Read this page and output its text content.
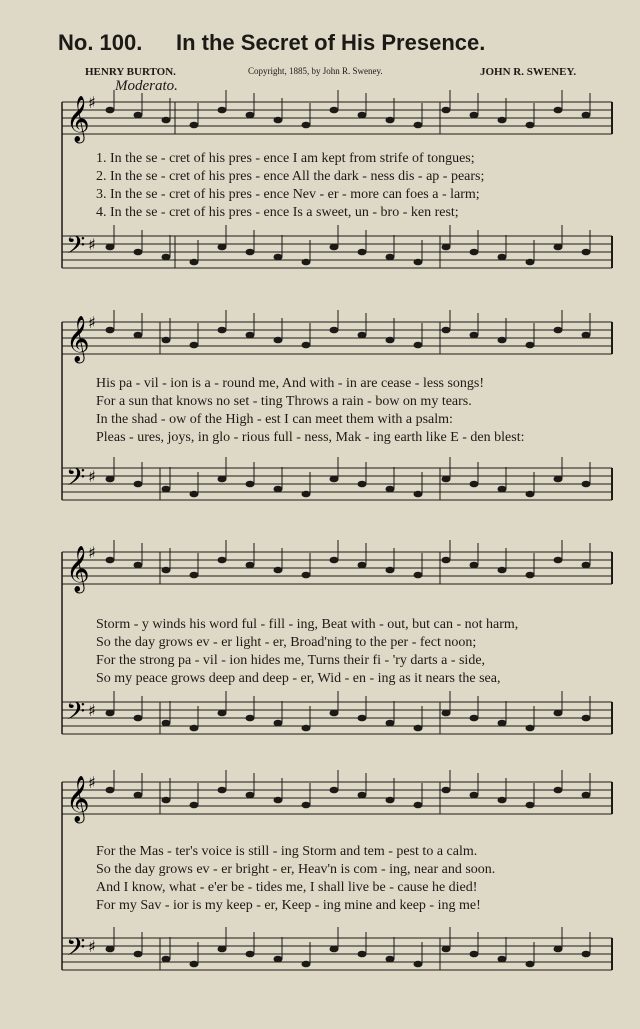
No. 100. In the Secret of His Presence.
HENRY BURTON.	Copyright, 1885, by John R. Sweney.	JOHN R. SWENEY.
Moderato.
𝄞
♯
𝄢 ♯
1. In the se - cret of his pres - ence I am kept from strife of tongues;
2. In the se - cret of his pres - ence All the dark - ness dis - ap - pears;
3. In the se - cret of his pres - ence Nev - er - more can foes a - larm;
4. In the se - cret of his pres - ence Is a sweet, un - bro - ken rest;
𝄞
♯
𝄢 ♯
His pa - vil - ion is a - round me, And with - in are cease - less songs!
For a sun that knows no set - ting Throws a rain - bow on my tears.
In the shad - ow of the High - est I can meet them with a psalm:
Pleas - ures, joys, in glo - rious full - ness, Mak - ing earth like E - den blest:
𝄞
♯
𝄢 ♯
Storm - y winds his word ful - fill - ing, Beat with - out, but can - not harm,
So the day grows ev - er light - er, Broad'ning to the per - fect noon;
For the strong pa - vil - ion hides me, Turns their fi - 'ry darts a - side,
So my peace grows deep and deep - er, Wid - en - ing as it nears the sea,
𝄞
♯
𝄢 ♯
For the Mas - ter's voice is still - ing Storm and tem - pest to a calm.
So the day grows ev - er bright - er, Heav'n is com - ing, near and soon.
And I know, what - e'er be - tides me, I shall live be - cause he died!
For my Sav - ior is my keep - er, Keep - ing mine and keep - ing me!
